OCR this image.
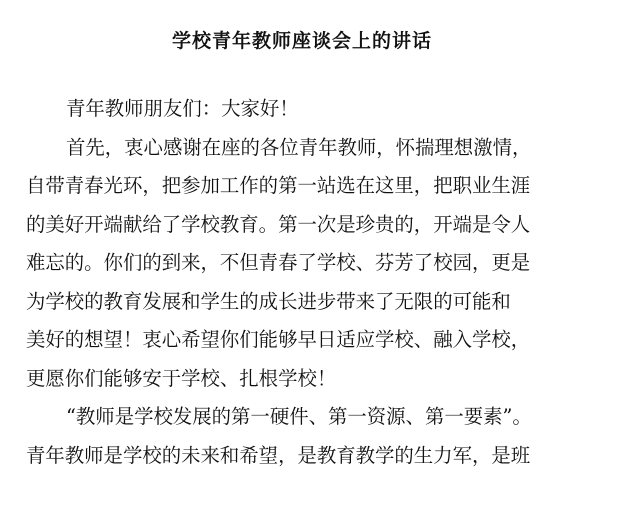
学校青年教师座谈会上的讲话
青年教师朋友们：大家好！
首先，衷心感谢在座的各位青年教师，怀揣理想激情，
自带青春光环，把参加工作的第一站选在这里，把职业生涯
的美好开端献给了学校教育。第一次是珍贵的，开端是令人
难忘的。你们的到来，不但青春了学校、芬芳了校园，更是
为学校的教育发展和学生的成长进步带来了无限的可能和
美好的想望！衷心希望你们能够早日适应学校、融入学校，
更愿你们能够安于学校、扎根学校！
“教师是学校发展的第一硬件、第一资源、第一要素”。
青年教师是学校的未来和希望，是教育教学的生力军，是班
